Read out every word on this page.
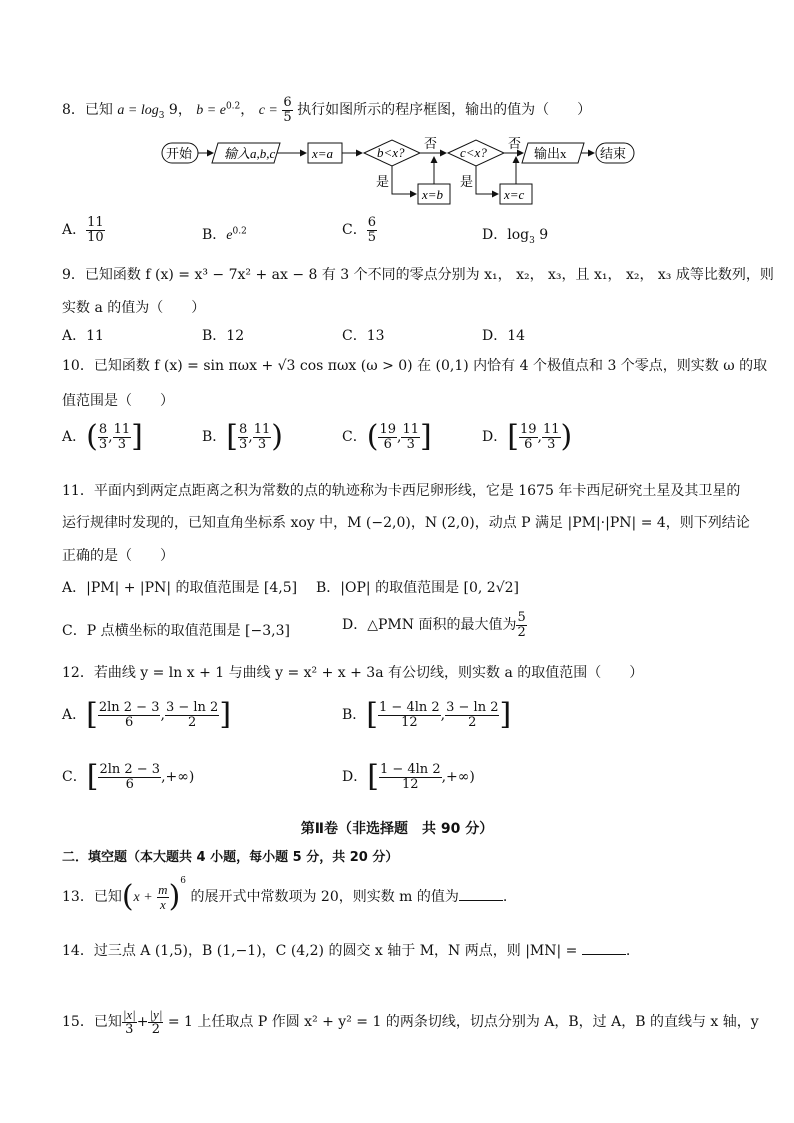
8．已知 $a = \log_3 9$， $b = e^{0.2}$， $c = \frac{6}{5}$ 执行如图所示的程序框图，输出的值为（　　）
开始 输入a,b,c	x=a	b<x?	c<x?	输出x	结束
否	否
是	是
x=b	x=c
A． $\frac{11}{10}$	B．$e^{0.2}$	C． $\frac{6}{5}$	D．$\log_3 9$
9．已知函数 f (x) = x³ − 7x² + ax − 8 有 3 个不同的零点分别为 x₁， x₂， x₃，且 x₁， x₂， x₃ 成等比数列，则
实数 a 的值为（　　）
A．11	B．12	C．13	D．14
10．已知函数 f (x) = sin πωx + √3 cos πωx (ω > 0) 在 (0,1) 内恰有 4 个极值点和 3 个零点，则实数 ω 的取
值范围是（　　）
A．( $\frac{8}{3}$ , $\frac{11}{3}$ ]	B．[ $\frac{8}{3}$ , $\frac{11}{3}$ )	C．( $\frac{19}{6}$ , $\frac{11}{3}$ ]	D．[ $\frac{19}{6}$ , $\frac{11}{3}$ )
11．平面内到两定点距离之积为常数的点的轨迹称为卡西尼卵形线，它是 1675 年卡西尼研究土星及其卫星的
运行规律时发现的，已知直角坐标系 xoy 中，M (−2,0)，N (2,0)，动点 P 满足 |PM|·|PN| = 4，则下列结论
正确的是（　　）
A．|PM| + |PN| 的取值范围是 [4,5] B．|OP| 的取值范围是 [0, 2√2]
C．P 点横坐标的取值范围是 [−3,3]	D．△PMN 面积的最大值为 $\frac{5}{2}$
12．若曲线 y = ln x + 1 与曲线 y = x² + x + 3a 有公切线，则实数 a 的取值范围（　　）
A．[ $\frac{2\ln 2 - 3}{6}$ , $\frac{3 - \ln 2}{2}$ ]	B．[ $\frac{1 - 4\ln 2}{12}$ , $\frac{3 - \ln 2}{2}$ ]
C．[ $\frac{2\ln 2 - 3}{6}$ ,+∞)	D．[ $\frac{1 - 4\ln 2}{12}$ ,+∞)
第Ⅱ卷（非选择题　共 90 分）
二．填空题（本大题共 4 小题，每小题 5 分，共 20 分）
13．已知$(x + \frac{m}{x} )^6$ 的展开式中常数项为 20，则实数 m 的值为	.
14．过三点 A (1,5)，B (1,−1)，C (4,2) 的圆交 x 轴于 M，N 两点，则 |MN| =	.
15．已知 $\frac{|x|}{3} + \frac{|y|}{2} = 1$ 上任取点 P 作圆 x² + y² = 1 的两条切线，切点分别为 A，B，过 A，B 的直线与 x 轴，y
